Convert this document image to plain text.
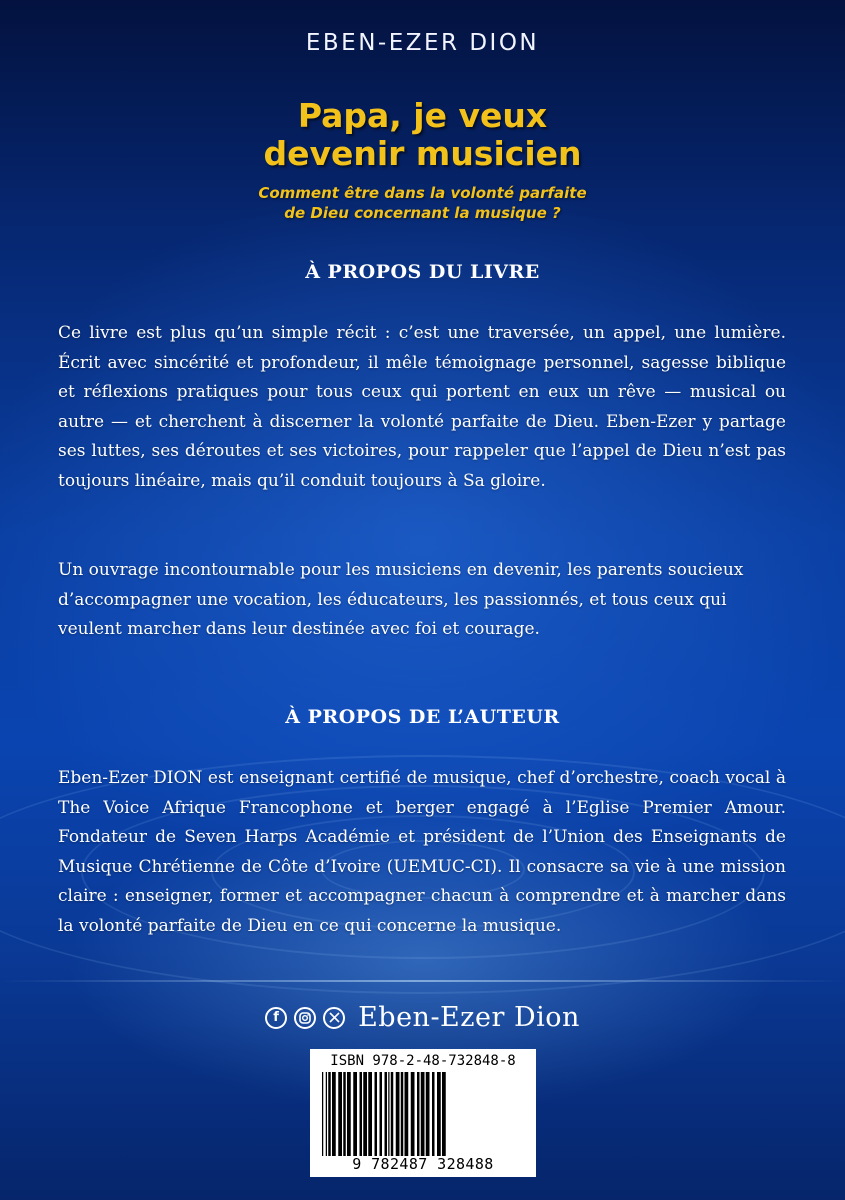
EBEN-EZER DION
Papa, je veux
devenir musicien
Comment être dans la volonté parfaite
de Dieu concernant la musique ?
À PROPOS DU LIVRE

Ce livre est plus qu’un simple récit : c’est une traversée, un appel, une lumière. Écrit avec sincérité et profondeur, il mêle témoignage personnel, sagesse biblique et réflexions pratiques pour tous ceux qui portent en eux un rêve — musical ou autre — et cherchent à discerner la volonté parfaite de Dieu. Eben-Ezer y partage ses luttes, ses déroutes et ses victoires, pour rappeler que l’appel de Dieu n’est pas toujours linéaire, mais qu’il conduit toujours à Sa gloire.

Un ouvrage incontournable pour les musiciens en devenir, les parents soucieux d’accompagner une vocation, les éducateurs, les passionnés, et tous ceux qui veulent marcher dans leur destinée avec foi et courage.

À PROPOS DE L’AUTEUR

Eben-Ezer DION est enseignant certifié de musique, chef d’orchestre, coach vocal à The Voice Afrique Francophone et berger engagé à l’Eglise Premier Amour. Fondateur de Seven Harps Académie et président de l’Union des Enseignants de Musique Chrétienne de Côte d’Ivoire (UEMUC-CI). Il consacre sa vie à une mission claire : enseigner, former et accompagner chacun à comprendre et à marcher dans la volonté parfaite de Dieu en ce qui concerne la musique.

f	Eben-Ezer Dion
ISBN 978-2-48-732848-8
9 782487 328488
